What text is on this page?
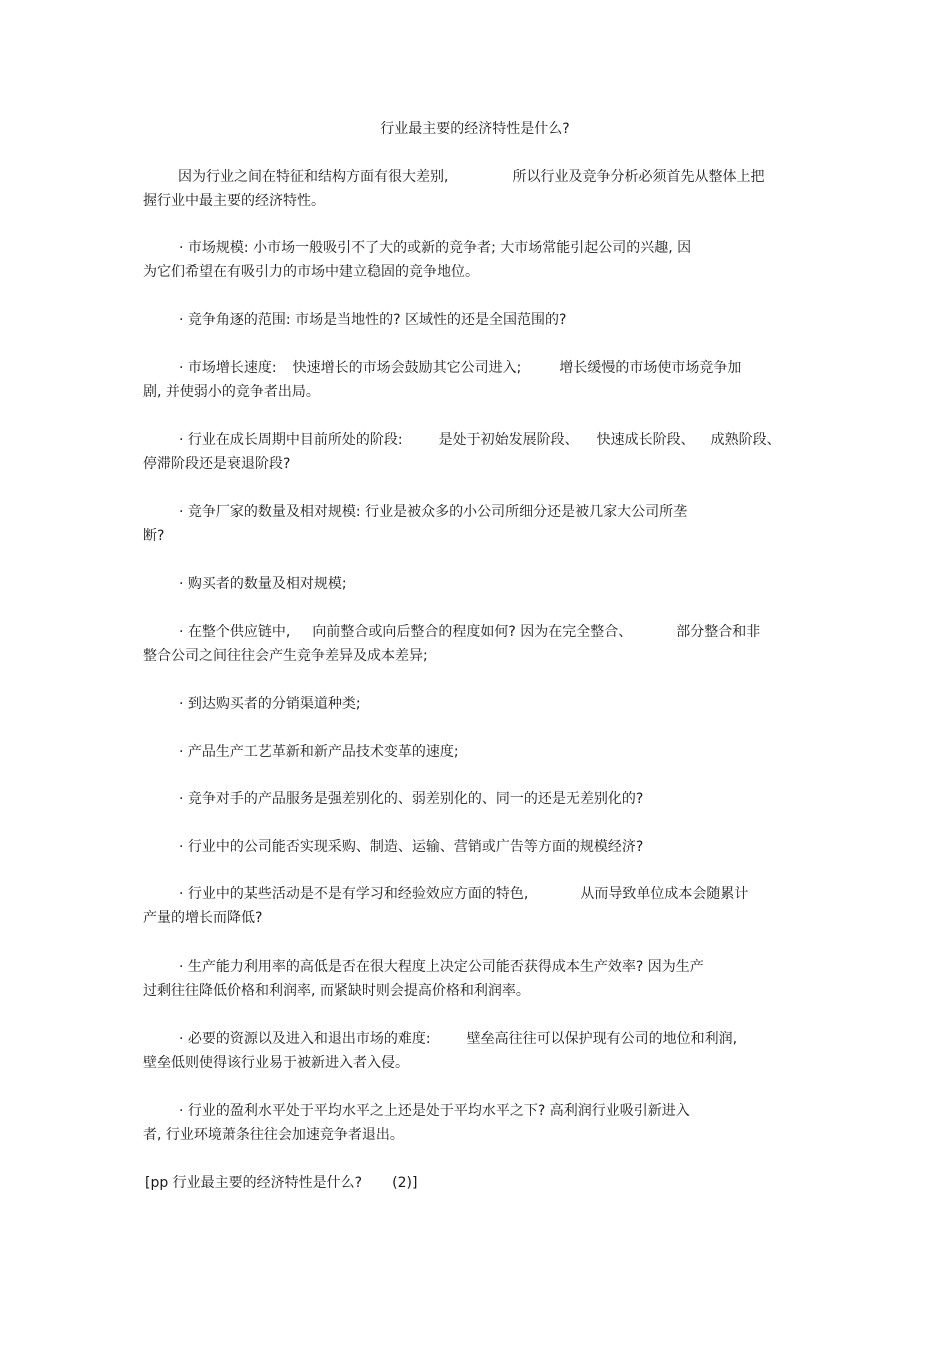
行业最主要的经济特性是什么?
因为行业之间在特征和结构方面有很大差别,	所以行业及竞争分析必须首先从整体上把
握行业中最主要的经济特性。
· 市场规模: 小市场一般吸引不了大的或新的竞争者; 大市场常能引起公司的兴趣, 因
为它们希望在有吸引力的市场中建立稳固的竞争地位。
· 竞争角逐的范围: 市场是当地性的? 区域性的还是全国范围的?
· 市场增长速度: 快速增长的市场会鼓励其它公司进入;	增长缓慢的市场使市场竞争加
剧, 并使弱小的竞争者出局。
· 行业在成长周期中目前所处的阶段:	是处于初始发展阶段、 快速成长阶段、 成熟阶段、
停滞阶段还是衰退阶段?
· 竞争厂家的数量及相对规模: 行业是被众多的小公司所细分还是被几家大公司所垄
断?
· 购买者的数量及相对规模;
· 在整个供应链中, 向前整合或向后整合的程度如何? 因为在完全整合、	部分整合和非
整合公司之间往往会产生竞争差异及成本差异;
· 到达购买者的分销渠道种类;
· 产品生产工艺革新和新产品技术变革的速度;
· 竞争对手的产品服务是强差别化的、弱差别化的、同一的还是无差别化的?
· 行业中的公司能否实现采购、制造、运输、营销或广告等方面的规模经济?
· 行业中的某些活动是不是有学习和经验效应方面的特色,	从而导致单位成本会随累计
产量的增长而降低?
· 生产能力利用率的高低是否在很大程度上决定公司能否获得成本生产效率? 因为生产
过剩往往降低价格和利润率, 而紧缺时则会提高价格和利润率。
· 必要的资源以及进入和退出市场的难度:	壁垒高往往可以保护现有公司的地位和利润,
壁垒低则使得该行业易于被新进入者入侵。
· 行业的盈利水平处于平均水平之上还是处于平均水平之下? 高利润行业吸引新进入
者, 行业环境萧条往往会加速竞争者退出。
[pp 行业最主要的经济特性是什么? (2)]
